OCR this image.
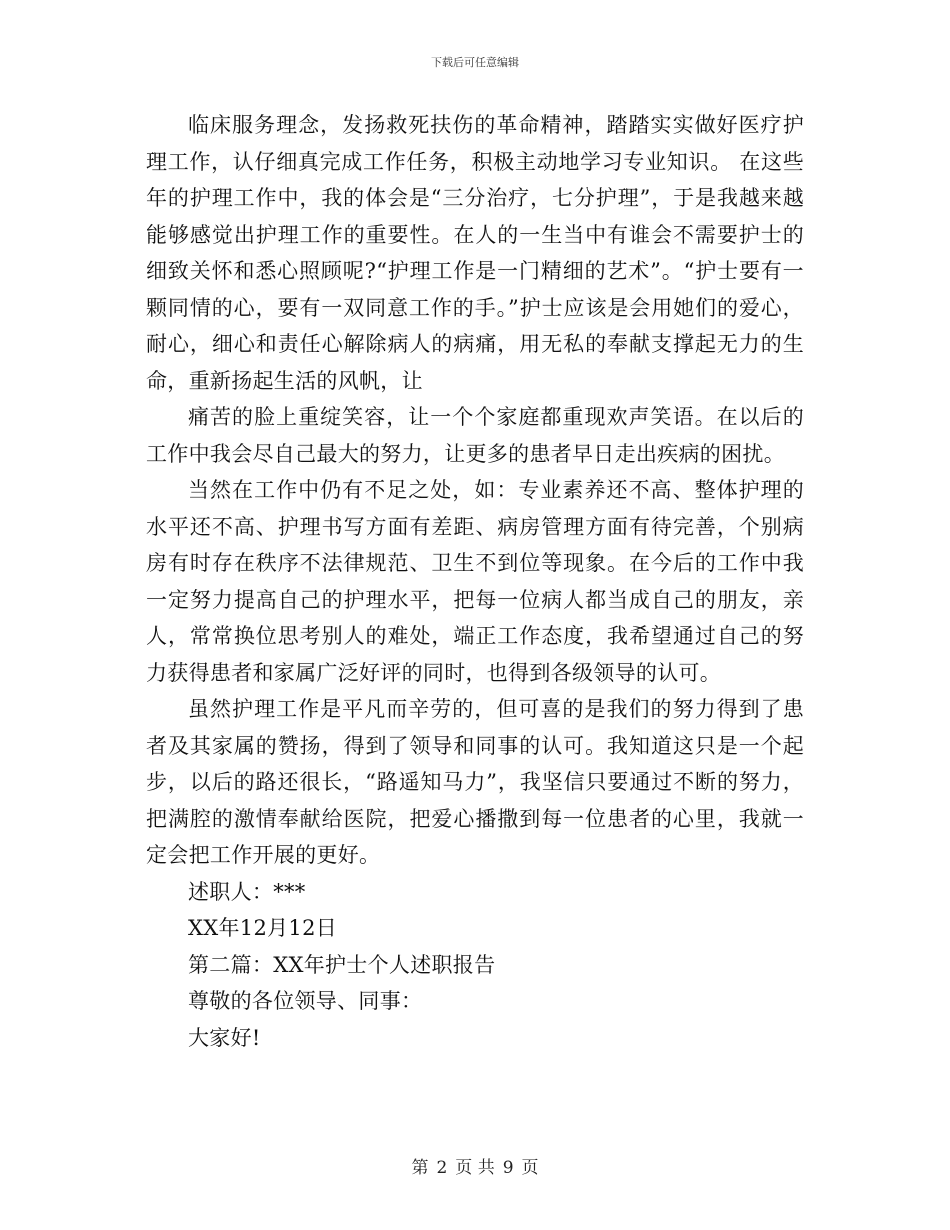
下载后可任意编辑

临床服务理念，发扬救死扶伤的革命精神，踏踏实实做好医疗护理工作，认仔细真完成工作任务，积极主动地学习专业知识。 在这些年的护理工作中，我的体会是“三分治疗，七分护理”，于是我越来越能够感觉出护理工作的重要性。在人的一生当中有谁会不需要护士的细致关怀和悉心照顾呢?“护理工作是一门精细的艺术”。“护士要有一颗同情的心，要有一双同意工作的手。”护士应该是会用她们的爱心，耐心，细心和责任心解除病人的病痛，用无私的奉献支撑起无力的生命，重新扬起生活的风帆，让

痛苦的脸上重绽笑容，让一个个家庭都重现欢声笑语。在以后的工作中我会尽自己最大的努力，让更多的患者早日走出疾病的困扰。

当然在工作中仍有不足之处，如：专业素养还不高、整体护理的水平还不高、护理书写方面有差距、病房管理方面有待完善，个别病房有时存在秩序不法律规范、卫生不到位等现象。在今后的工作中我一定努力提高自己的护理水平，把每一位病人都当成自己的朋友，亲人，常常换位思考别人的难处，端正工作态度，我希望通过自己的努力获得患者和家属广泛好评的同时，也得到各级领导的认可。

虽然护理工作是平凡而辛劳的，但可喜的是我们的努力得到了患者及其家属的赞扬，得到了领导和同事的认可。我知道这只是一个起步，以后的路还很长，“路遥知马力”，我坚信只要通过不断的努力，把满腔的激情奉献给医院，把爱心播撒到每一位患者的心里，我就一定会把工作开展的更好。

述职人：***

XX年12月12日

第二篇：XX年护士个人述职报告

尊敬的各位领导、同事：

大家好!

第 2 页 共 9 页
